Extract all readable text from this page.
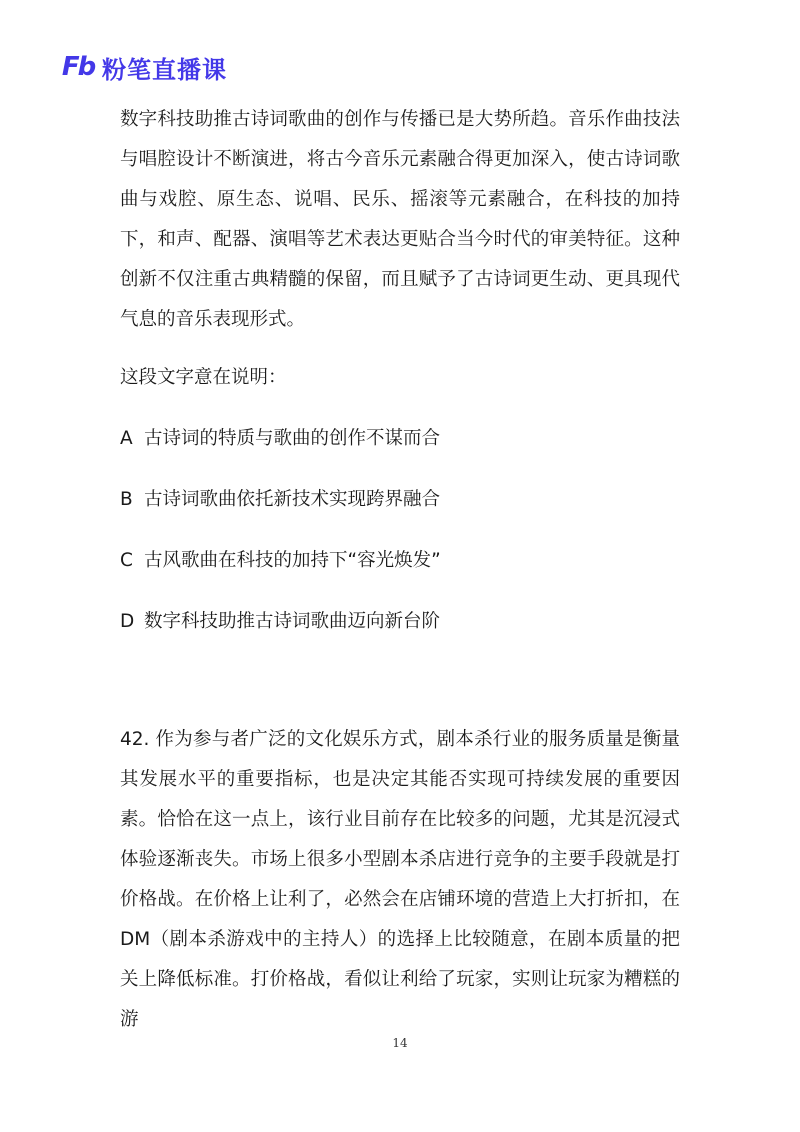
Fb 粉笔直播课

数字科技助推古诗词歌曲的创作与传播已是大势所趋。音乐作曲技法与唱腔设计不断演进，将古今音乐元素融合得更加深入，使古诗词歌曲与戏腔、原生态、说唱、民乐、摇滚等元素融合，在科技的加持下，和声、配器、演唱等艺术表达更贴合当今时代的审美特征。这种创新不仅注重古典精髓的保留，而且赋予了古诗词更生动、更具现代气息的音乐表现形式。

这段文字意在说明：
A 古诗词的特质与歌曲的创作不谋而合
B 古诗词歌曲依托新技术实现跨界融合
C 古风歌曲在科技的加持下“容光焕发”
D 数字科技助推古诗词歌曲迈向新台阶

42. 作为参与者广泛的文化娱乐方式，剧本杀行业的服务质量是衡量其发展水平的重要指标，也是决定其能否实现可持续发展的重要因素。恰恰在这一点上，该行业目前存在比较多的问题，尤其是沉浸式体验逐渐丧失。市场上很多小型剧本杀店进行竞争的主要手段就是打价格战。在价格上让利了，必然会在店铺环境的营造上大打折扣，在DM（剧本杀游戏中的主持人）的选择上比较随意，在剧本质量的把关上降低标准。打价格战，看似让利给了玩家，实则让玩家为糟糕的游

14
